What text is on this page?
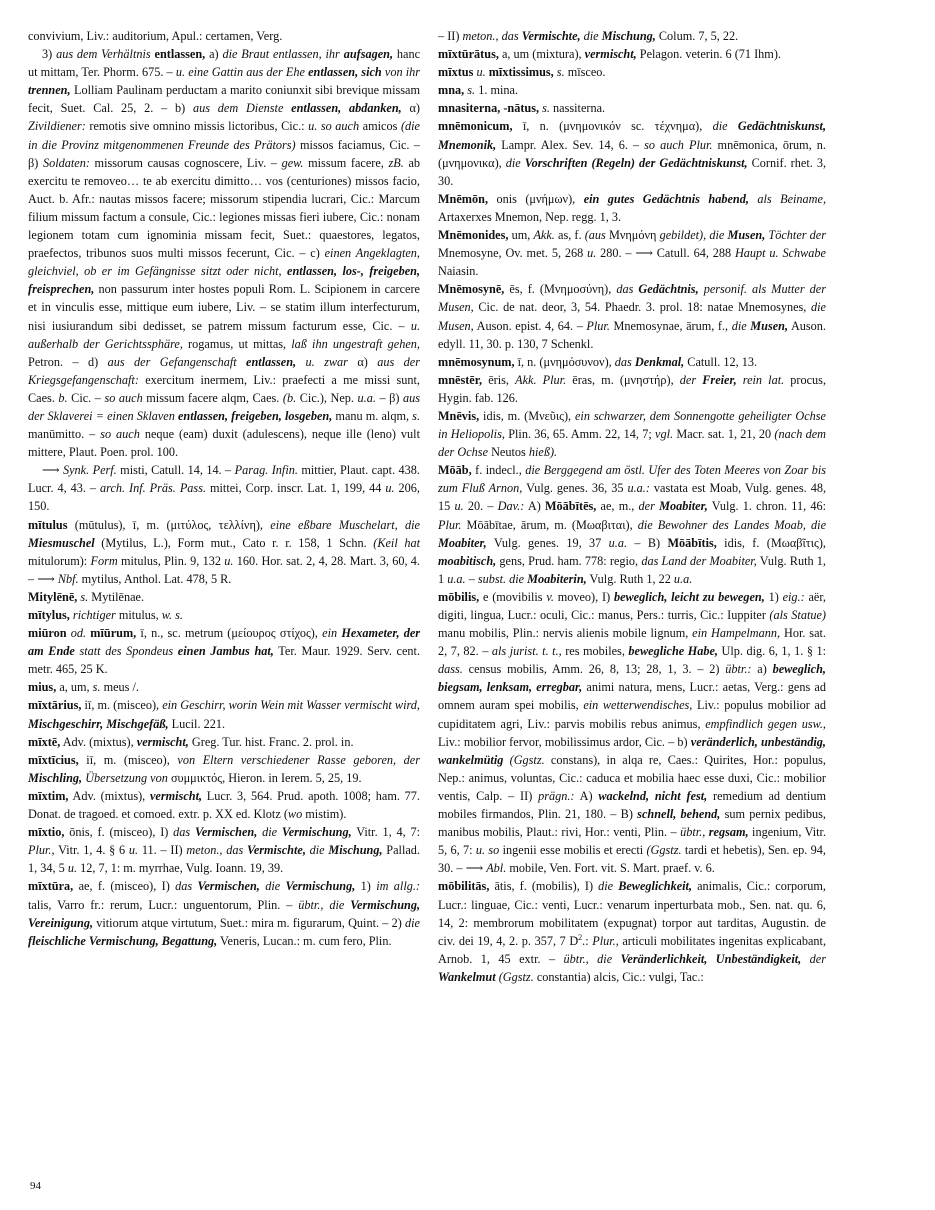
convivium, Liv.: auditorium, Apul.: certamen, Verg.

3) aus dem Verhältnis entlassen, a) die Braut entlassen, ihr aufsagen, hanc ut mittam, Ter. Phorm. 675. – u. eine Gattin aus der Ehe entlassen, sich von ihr trennen, Lolliam Paulinam perductam a marito coniunxit sibi brevique missam fecit, Suet. Cal. 25, 2. – b) aus dem Dienste entlassen, abdanken, α) Zivildiener: remotis sive omnino missis lictoribus, Cic.: u. so auch amicos (die in die Provinz mitgenommenen Freunde des Prätors) missos faciamus, Cic. – β) Soldaten: missorum causas cognoscere, Liv. – gew. missum facere, zB. ab exercitu te removeo… te ab exercitu dimitto… vos (centuriones) missos facio, Auct. b. Afr.: nautas missos facere; missorum stipendia lucrari, Cic.: Marcum filium missum factum a consule, Cic.: legiones missas fieri iubere, Cic.: nonam legionem totam cum ignominia missam fecit, Suet.: quaestores, legatos, praefectos, tribunos suos multi missos fecerunt, Cic. – c) einen Angeklagten, gleichviel, ob er im Gefängnisse sitzt oder nicht, entlassen, los-, freigeben, freisprechen, non passurum inter hostes populi Rom. L. Scipionem in carcere et in vinculis esse, mittique eum iubere, Liv. – se statim illum interfecturum, nisi iusiurandum sibi dedisset, se patrem missum facturum esse, Cic. – u. außerhalb der Gerichtssphäre, rogamus, ut mittas, laß ihn ungestraft gehen, Petron. – d) aus der Gefangenschaft entlassen, u. zwar α) aus der Kriegsgefangenschaft: exercitum inermem, Liv.: praefecti a me missi sunt, Caes. b. Cic. – so auch missum facere alqm, Caes. (b. Cic.), Nep. u.a. – β) aus der Sklaverei = einen Sklaven entlassen, freigeben, losgeben, manu m. alqm, s. manūmitto. – so auch neque (eam) duxit (adulescens), neque ille (leno) vult mittere, Plaut. Poen. prol. 100.

⟶ Synk. Perf. misti, Catull. 14, 14. – Parag. Infin. mittier, Plaut. capt. 438. Lucr. 4, 43. – arch. Inf. Präs. Pass. mittei, Corp. inscr. Lat. 1, 199, 44 u. 206, 150.

mītulus (mūtulus), ī, m. (μιτύλος, τελλίνη), eine eßbare Muschelart, die Miesmuschel (Mytilus, L.), Form mut., Cato r. r. 158, 1 Schn. (Keil hat mitulorum): Form mitulus, Plin. 9, 132 u. 160. Hor. sat. 2, 4, 28. Mart. 3, 60, 4. – ⟶ Nbf. mytilus, Anthol. Lat. 478, 5 R.

Mitylēnē, s. Mytilēnae.

mītylus, richtiger mitulus, w. s.

miūron od. mīūrum, ī, n., sc. metrum (μείουρος στίχος), ein Hexameter, der am Ende statt des Spondeus einen Jambus hat, Ter. Maur. 1929. Serv. cent. metr. 465, 25 K.

mius, a, um, s. meus /.

mīxtārius, iī, m. (misceo), ein Geschirr, worin Wein mit Wasser vermischt wird, Mischgeschirr, Mischgefäß, Lucil. 221.

mīxtē, Adv. (mixtus), vermischt, Greg. Tur. hist. Franc. 2. prol. in.

mīxtīcius, iī, m. (misceo), von Eltern verschiedener Rasse geboren, der Mischling, Übersetzung von συμμικτός, Hieron. in Ierem. 5, 25, 19.

mīxtim, Adv. (mixtus), vermischt, Lucr. 3, 564. Prud. apoth. 1008; ham. 77. Donat. de tragoed. et comoed. extr. p. XX ed. Klotz (wo mistim).

mīxtio, ōnis, f. (misceo), I) das Vermischen, die Vermischung, Vitr. 1, 4, 7: Plur., Vitr. 1, 4. § 6 u. 11. – II) meton., das Vermischte, die Mischung, Pallad. 1, 34, 5 u. 12, 7, 1: m. myrrhae, Vulg. Ioann. 19, 39.

mīxtūra, ae, f. (misceo), I) das Vermischen, die Vermischung, 1) im allg.: talis, Varro fr.: rerum, Lucr.: unguentorum, Plin. – übtr., die Vermischung, Vereinigung, vitiorum atque virtutum, Suet.: mira m. figurarum, Quint. – 2) die fleischliche Vermischung, Begattung, Veneris, Lucan.: m. cum fero, Plin.

– II) meton., das Vermischte, die Mischung, Colum. 7, 5, 22.

mīxtūrātus, a, um (mixtura), vermischt, Pelagon. veterin. 6 (71 Ihm).

mīxtus u. mīxtissimus, s. mīsceo.

mna, s. 1. mina.

mnasiterna, -nātus, s. nassiterna.

mnēmonicum, ī, n. (μνημονικόν sc. τέχνημα), die Gedächtniskunst, Mnemonik, Lampr. Alex. Sev. 14, 6. – so auch Plur. mnēmonica, ōrum, n. (μνημονικα), die Vorschriften (Regeln) der Gedächtniskunst, Cornif. rhet. 3, 30.

Mnēmōn, onis (μνήμων), ein gutes Gedächtnis habend, als Beiname, Artaxerxes Mnemon, Nep. regg. 1, 3.

Mnēmonides, um, Akk. as, f. (aus Μνημόνη gebildet), die Musen, Töchter der Mnemosyne, Ov. met. 5, 268 u. 280. – ⟶ Catull. 64, 288 Haupt u. Schwabe Naiasin.

Mnēmosynē, ēs, f. (Μνημοσύνη), das Gedächtnis, personif. als Mutter der Musen, Cic. de nat. deor, 3, 54. Phaedr. 3. prol. 18: natae Mnemosynes, die Musen, Auson. epist. 4, 64. – Plur. Mnemosynae, ārum, f., die Musen, Auson. edyll. 11, 30. p. 130, 7 Schenkl.

mnēmosynum, ī, n. (μνημόσυνον), das Denkmal, Catull. 12, 13.

mnēstēr, ēris, Akk. Plur. ēras, m. (μνηστήρ), der Freier, rein lat. procus, Hygin. fab. 126.

Mnēvis, idis, m. (Μνεῦις), ein schwarzer, dem Sonnengotte geheiligter Ochse in Heliopolis, Plin. 36, 65. Amm. 22, 14, 7; vgl. Macr. sat. 1, 21, 20 (nach dem der Ochse Neutos hieß).

Mōāb, f. indecl., die Berggegend am östl. Ufer des Toten Meeres von Zoar bis zum Fluß Arnon, Vulg. genes. 36, 35 u.a.: vastata est Moab, Vulg. genes. 48, 15 u. 20. – Dav.: A) Mōābītēs, ae, m., der Moabiter, Vulg. 1. chron. 11, 46: Plur. Mōābītae, ārum, m. (Μωαβιται), die Bewohner des Landes Moab, die Moabiter, Vulg. genes. 19, 37 u.a. – B) Mōābītis, idis, f. (Μωαβῖτις), moabitisch, gens, Prud. ham. 778: regio, das Land der Moabiter, Vulg. Ruth 1, 1 u.a. – subst. die Moabiterin, Vulg. Ruth 1, 22 u.a.

mōbilis, e (movibilis v. moveo), I) beweglich, leicht zu bewegen, 1) eig.: aër, digiti, lingua, Lucr.: oculi, Cic.: manus, Pers.: turris, Cic.: Iuppiter (als Statue) manu mobilis, Plin.: nervis alienis mobile lignum, ein Hampelmann, Hor. sat. 2, 7, 82. – als jurist. t. t., res mobiles, bewegliche Habe, Ulp. dig. 6, 1, 1. § 1: dass. census mobilis, Amm. 26, 8, 13; 28, 1, 3. – 2) übtr.: a) beweglich, biegsam, lenksam, erregbar, animi natura, mens, Lucr.: aetas, Verg.: gens ad omnem auram spei mobilis, ein wetterwendisches, Liv.: populus mobilior ad cupiditatem agri, Liv.: parvis mobilis rebus animus, empfindlich gegen usw., Liv.: mobilior fervor, mobilissimus ardor, Cic. – b) veränderlich, unbeständig, wankelmütig (Ggstz. constans), in alqa re, Caes.: Quirites, Hor.: populus, Nep.: animus, voluntas, Cic.: caduca et mobilia haec esse duxi, Cic.: mobilior ventis, Calp. – II) prägn.: A) wackelnd, nicht fest, remedium ad dentium mobiles firmandos, Plin. 21, 180. – B) schnell, behend, sum pernix pedibus, manibus mobilis, Plaut.: rivi, Hor.: venti, Plin. – übtr., regsam, ingenium, Vitr. 5, 6, 7: u. so ingenii esse mobilis et erecti (Ggstz. tardi et hebetis), Sen. ep. 94, 30. – ⟶ Abl. mobile, Ven. Fort. vit. S. Mart. praef. v. 6.

mōbilitās, ātis, f. (mobilis), I) die Beweglichkeit, animalis, Cic.: corporum, Lucr.: linguae, Cic.: venti, Lucr.: venarum inperturbata mob., Sen. nat. qu. 6, 14, 2: membrorum mobilitatem (expugnat) torpor aut tarditas, Augustin. de civ. dei 19, 4, 2. p. 357, 7 $D^2$.: Plur., articuli mobilitates ingenitas explicabant, Arnob. 1, 45 extr. – übtr., die Veränderlichkeit, Unbeständigkeit, der Wankelmut (Ggstz. constantia) alcis, Cic.: vulgi, Tac.:

94
